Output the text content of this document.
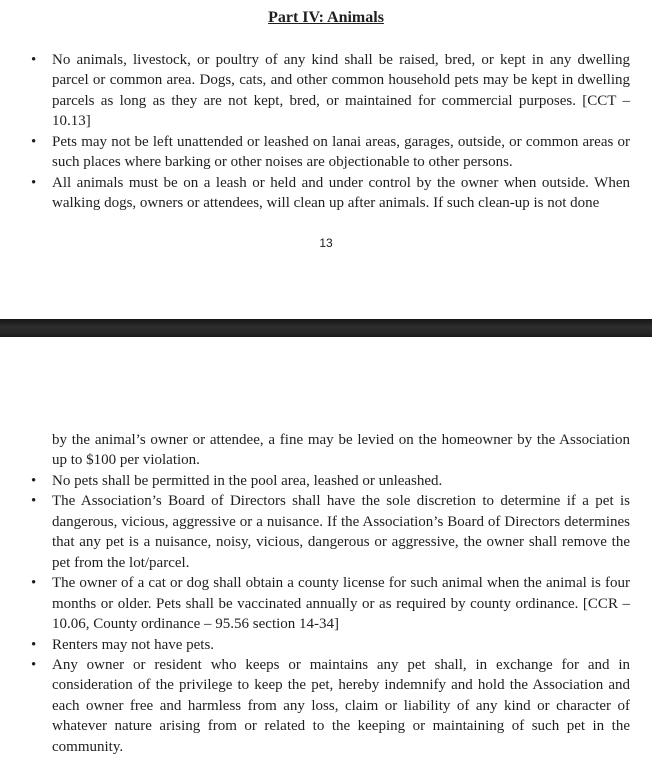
Part IV: Animals
• No animals, livestock, or poultry of any kind shall be raised, bred, or kept in any dwelling parcel or common area. Dogs, cats, and other common household pets may be kept in dwelling parcels as long as they are not kept, bred, or maintained for commercial purposes. [CCT – 10.13]
• Pets may not be left unattended or leashed on lanai areas, garages, outside, or common areas or such places where barking or other noises are objectionable to other persons.
• All animals must be on a leash or held and under control by the owner when outside. When walking dogs, owners or attendees, will clean up after animals. If such clean-up is not done
13

by the animal’s owner or attendee, a fine may be levied on the homeowner by the Association up to $100 per violation.

• No pets shall be permitted in the pool area, leashed or unleashed.
• The Association’s Board of Directors shall have the sole discretion to determine if a pet is dangerous, vicious, aggressive or a nuisance. If the Association’s Board of Directors determines that any pet is a nuisance, noisy, vicious, dangerous or aggressive, the owner shall remove the pet from the lot/parcel.
• The owner of a cat or dog shall obtain a county license for such animal when the animal is four months or older. Pets shall be vaccinated annually or as required by county ordinance. [CCR – 10.06, County ordinance – 95.56 section 14-34]
• Renters may not have pets.
• Any owner or resident who keeps or maintains any pet shall, in exchange for and in consideration of the privilege to keep the pet, hereby indemnify and hold the Association and each owner free and harmless from any loss, claim or liability of any kind or character of whatever nature arising from or related to the keeping or maintaining of such pet in the community.
